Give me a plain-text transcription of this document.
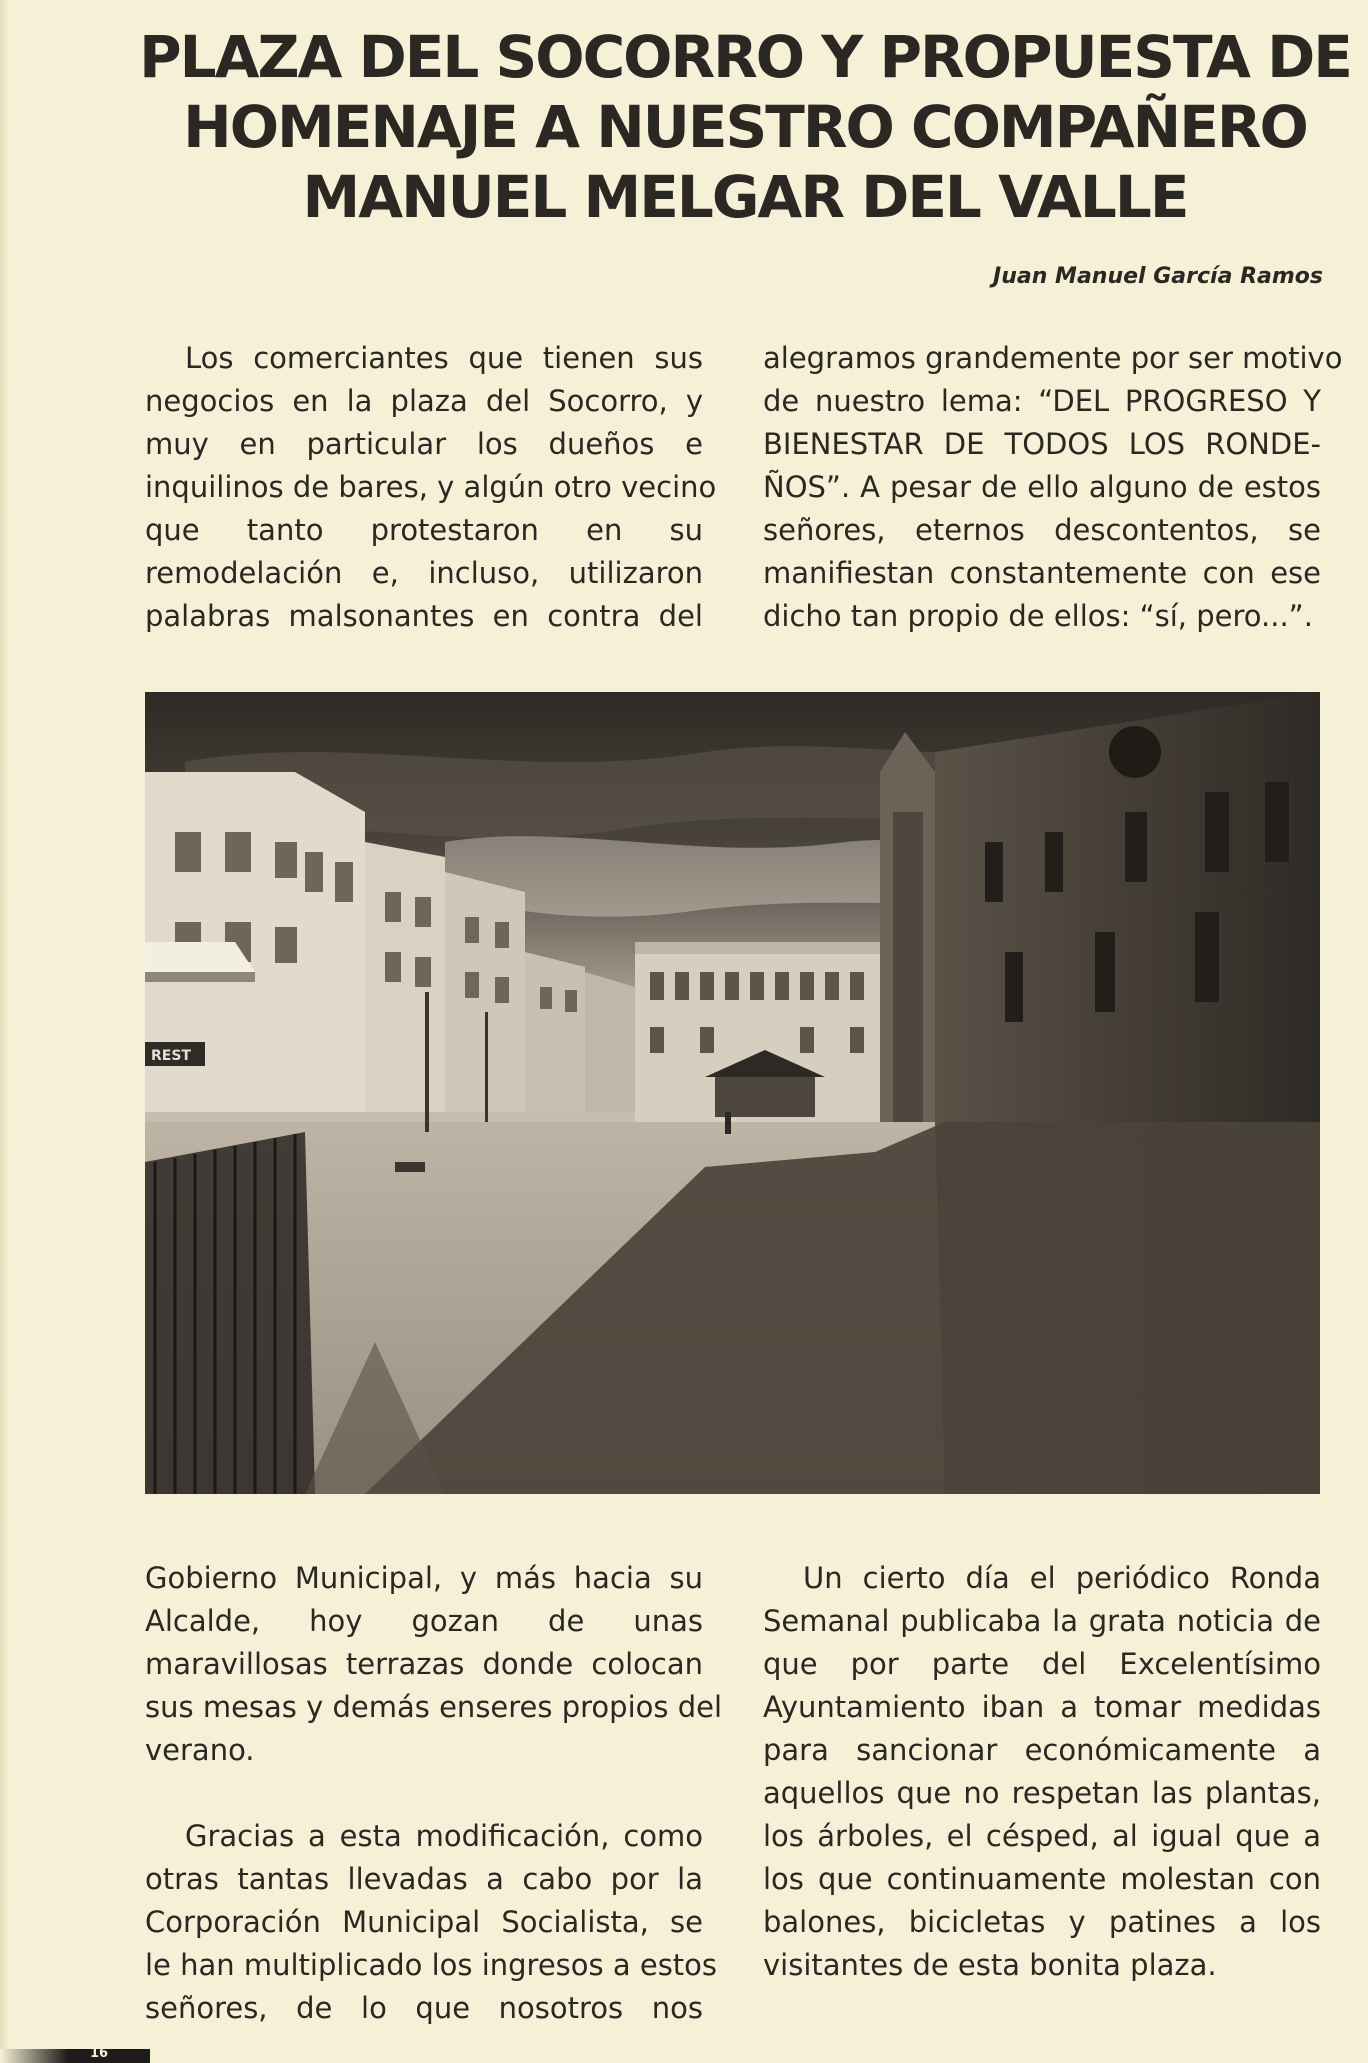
PLAZA DEL SOCORRO Y PROPUESTA DE
HOMENAJE A NUESTRO COMPAÑERO
MANUEL MELGAR DEL VALLE
Juan Manuel García Ramos
Los comerciantes que tienen sus
negocios en la plaza del Socorro, y
muy en particular los dueños e
inquilinos de bares, y algún otro vecino
que tanto protestaron en su
remodelación e, incluso, utilizaron
palabras malsonantes en contra del
alegramos grandemente por ser motivo
de nuestro lema: “DEL PROGRESO Y
BIENESTAR DE TODOS LOS RONDE-
ÑOS”. A pesar de ello alguno de estos
señores, eternos descontentos, se
manifiestan constantemente con ese
dicho tan propio de ellos: “sí, pero...”.
REST
Gobierno Municipal, y más hacia su
Alcalde, hoy gozan de unas
maravillosas terrazas donde colocan
sus mesas y demás enseres propios del
verano.
Gracias a esta modificación, como
otras tantas llevadas a cabo por la
Corporación Municipal Socialista, se
le han multiplicado los ingresos a estos
señores, de lo que nosotros nos
Un cierto día el periódico Ronda
Semanal publicaba la grata noticia de
que por parte del Excelentísimo
Ayuntamiento iban a tomar medidas
para sancionar económicamente a
aquellos que no respetan las plantas,
los árboles, el césped, al igual que a
los que continuamente molestan con
balones, bicicletas y patines a los
visitantes de esta bonita plaza.
16
